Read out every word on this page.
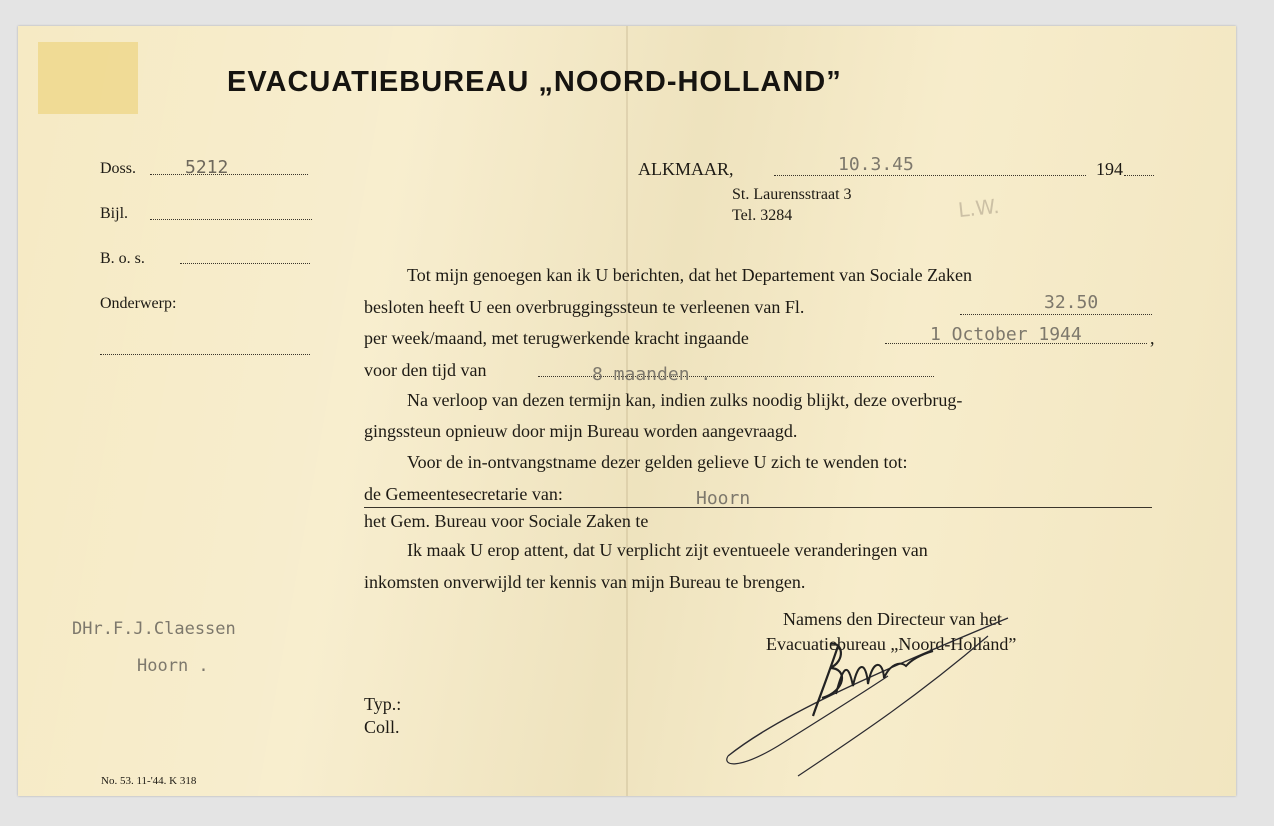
EVACUATIEBUREAU „NOORD-HOLLAND”
Doss.	5212
Bijl.
B. o. s.
Onderwerp:
ALKMAAR,	10.3.45	194
St. Laurensstraat 3
Tel. 3284	L.W.
Tot mijn genoegen kan ik U berichten, dat het Departement van Sociale Zaken
besloten heeft U een overbruggingssteun te verleenen van Fl.	32.50
per week/maand, met terugwerkende kracht ingaande	1 October 1944	,
voor den tijd van	8 maanden .
Na verloop van dezen termijn kan, indien zulks noodig blijkt, deze overbrug-
gingssteun opnieuw door mijn Bureau worden aangevraagd.
Voor de in-ontvangstname dezer gelden gelieve U zich te wenden tot:
de Gemeentesecretarie van:	Hoorn
het Gem. Bureau voor Sociale Zaken te
Ik maak U erop attent, dat U verplicht zijt eventueele veranderingen van
inkomsten onverwijld ter kennis van mijn Bureau te brengen.
Namens den Directeur van het
Evacuatiebureau „Noord-Holland”
DHr.F.J.Claessen
Hoorn .
Typ.:
Coll.
No. 53. 11-'44. K 318
